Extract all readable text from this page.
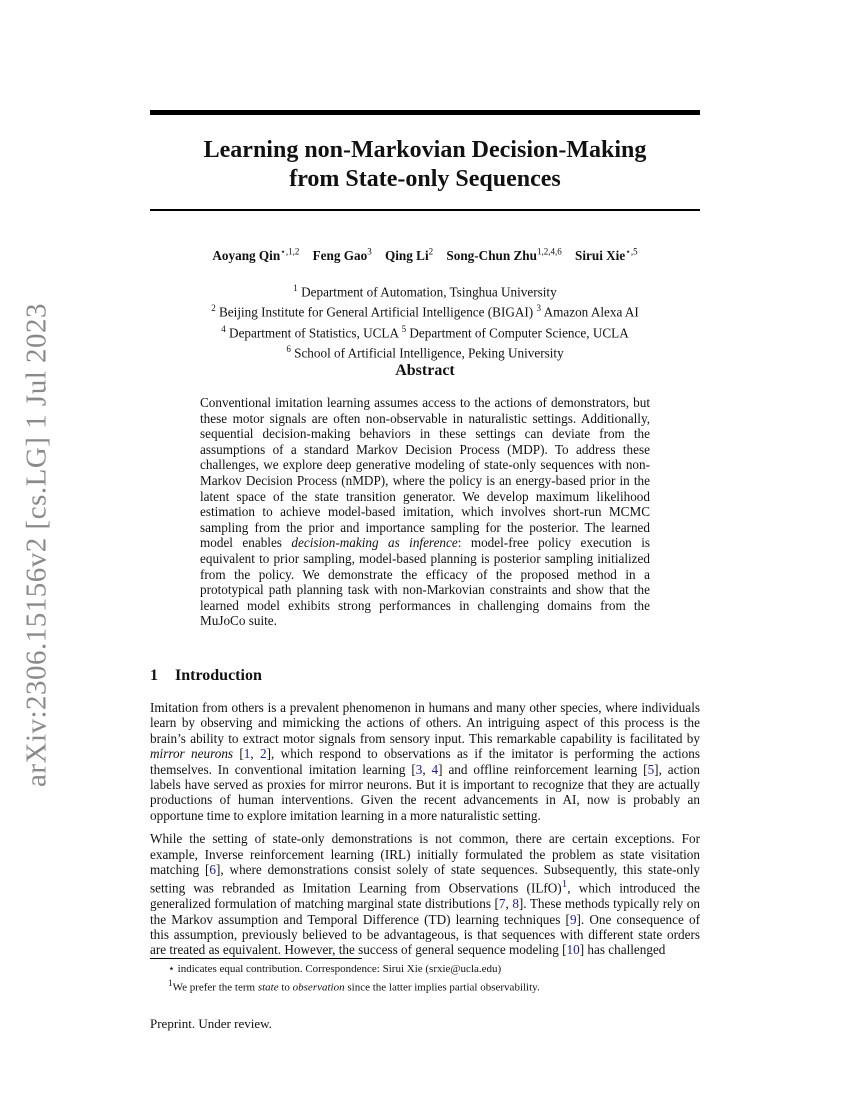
arXiv:2306.15156v2 [cs.LG] 1 Jul 2023
Learning non-Markovian Decision-Making
from State-only Sequences
Aoyang Qin$^{⋆,1,2}$ Feng Gao$^3$ Qing Li$^2$ Song-Chun Zhu$^{1,2,4,6}$ Sirui Xie$^{⋆,5}$
$^1$ Department of Automation, Tsinghua University
$^2$ Beijing Institute for General Artificial Intelligence (BIGAI) $^3$ Amazon Alexa AI
$^4$ Department of Statistics, UCLA $^5$ Department of Computer Science, UCLA
$^6$ School of Artificial Intelligence, Peking University
Abstract
Conventional imitation learning assumes access to the actions of demonstrators, but these motor signals are often non-observable in naturalistic settings. Additionally, sequential decision-making behaviors in these settings can deviate from the assumptions of a standard Markov Decision Process (MDP). To address these challenges, we explore deep generative modeling of state-only sequences with non-Markov Decision Process (nMDP), where the policy is an energy-based prior in the latent space of the state transition generator. We develop maximum likelihood estimation to achieve model-based imitation, which involves short-run MCMC sampling from the prior and importance sampling for the posterior. The learned model enables decision-making as inference: model-free policy execution is equivalent to prior sampling, model-based planning is posterior sampling initialized from the policy. We demonstrate the efficacy of the proposed method in a prototypical path planning task with non-Markovian constraints and show that the learned model exhibits strong performances in challenging domains from the MuJoCo suite.
1 Introduction

Imitation from others is a prevalent phenomenon in humans and many other species, where individuals learn by observing and mimicking the actions of others. An intriguing aspect of this process is the brain’s ability to extract motor signals from sensory input. This remarkable capability is facilitated by mirror neurons [1, 2], which respond to observations as if the imitator is performing the actions themselves. In conventional imitation learning [3, 4] and offline reinforcement learning [5], action labels have served as proxies for mirror neurons. But it is important to recognize that they are actually productions of human interventions. Given the recent advancements in AI, now is probably an opportune time to explore imitation learning in a more naturalistic setting.

While the setting of state-only demonstrations is not common, there are certain exceptions. For example, Inverse reinforcement learning (IRL) initially formulated the problem as state visitation matching [6], where demonstrations consist solely of state sequences. Subsequently, this state-only setting was rebranded as Imitation Learning from Observations (ILfO)$^1$, which introduced the generalized formulation of matching marginal state distributions [7, 8]. These methods typically rely on the Markov assumption and Temporal Difference (TD) learning techniques [9]. One consequence of this assumption, previously believed to be advantageous, is that sequences with different state orders are treated as equivalent. However, the success of general sequence modeling [10] has challenged

⋆ indicates equal contribution. Correspondence: Sirui Xie (srxie@ucla.edu)
$^1$We prefer the term state to observation since the latter implies partial observability.
Preprint. Under review.
